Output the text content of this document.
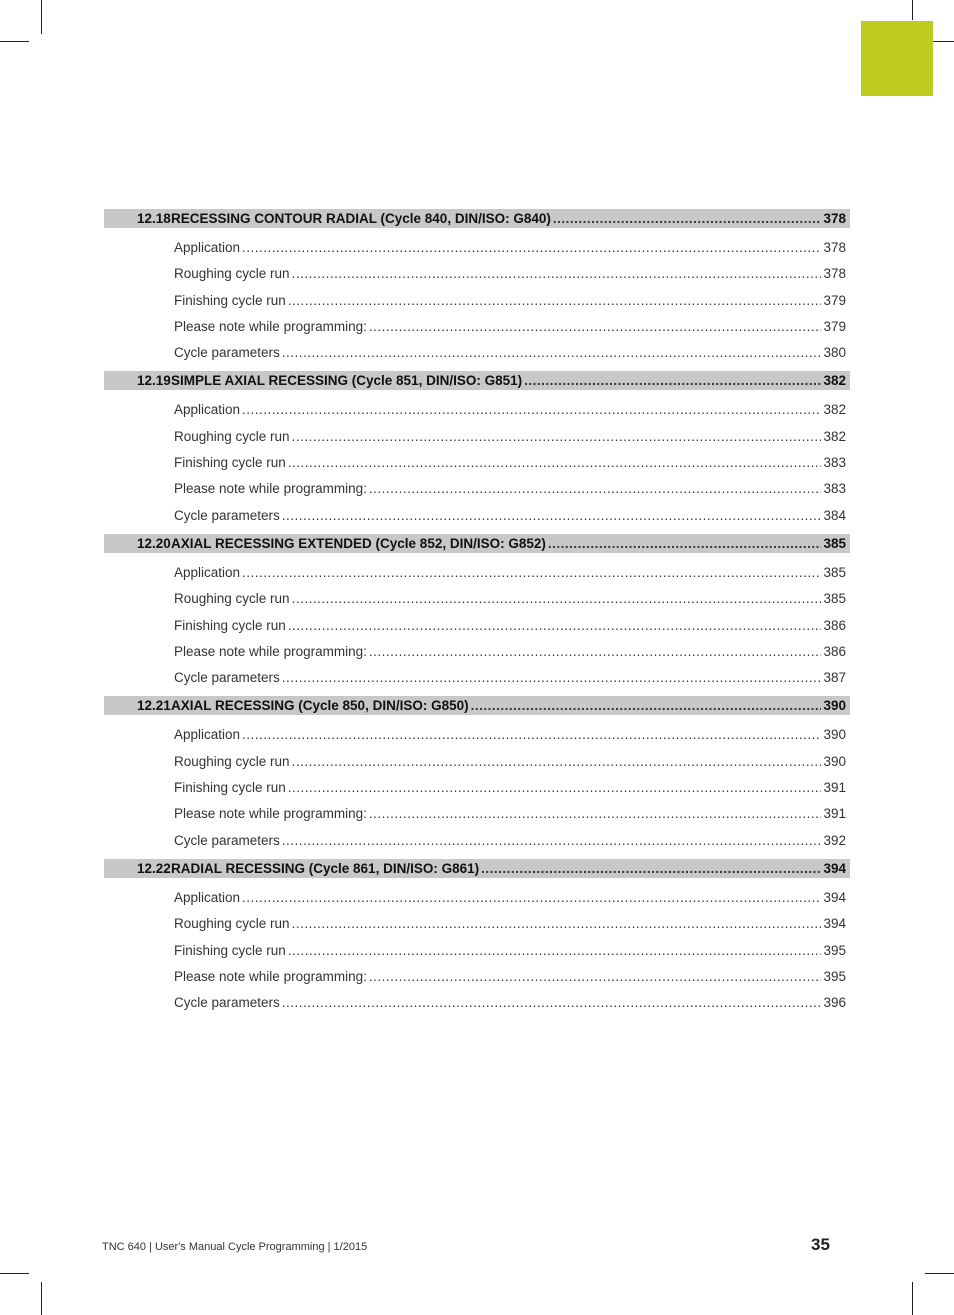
12.18 RECESSING CONTOUR RADIAL (Cycle 840, DIN/ISO: G840) .....	378
Application .....	378
Roughing cycle run .....	378
Finishing cycle run .....	379
Please note while programming: .....	379
Cycle parameters .....	380
12.19 SIMPLE AXIAL RECESSING (Cycle 851, DIN/ISO: G851) .....	382
Application .....	382
Roughing cycle run .....	382
Finishing cycle run .....	383
Please note while programming: .....	383
Cycle parameters .....	384
12.20 AXIAL RECESSING EXTENDED (Cycle 852, DIN/ISO: G852) .....	385
Application .....	385
Roughing cycle run .....	385
Finishing cycle run .....	386
Please note while programming: .....	386
Cycle parameters .....	387
12.21 AXIAL RECESSING (Cycle 850, DIN/ISO: G850) .....	390
Application .....	390
Roughing cycle run .....	390
Finishing cycle run .....	391
Please note while programming: .....	391
Cycle parameters .....	392
12.22 RADIAL RECESSING (Cycle 861, DIN/ISO: G861) .....	394
Application .....	394
Roughing cycle run .....	394
Finishing cycle run .....	395
Please note while programming: .....	395
Cycle parameters .....	396
TNC 640 | User's Manual Cycle Programming | 1/2015	35
